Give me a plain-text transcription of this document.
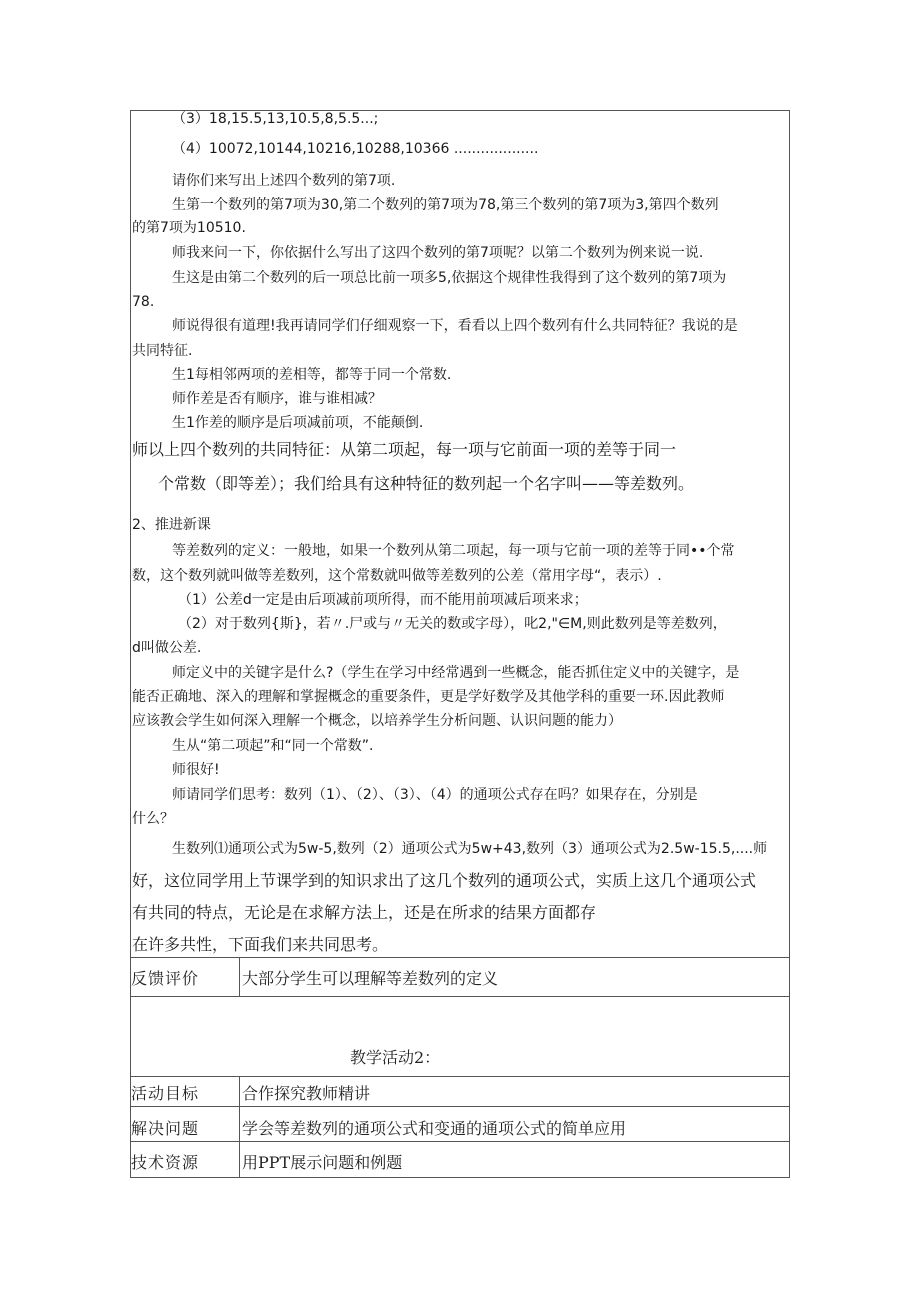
（3）18,15.5,13,10.5,8,5.5...;
（4）10072,10144,10216,10288,10366 ...................
请你们来写出上述四个数列的第7项.
生第一个数列的第7项为30,第二个数列的第7项为78,第三个数列的第7项为3,第四个数列
的第7项为10510.
师我来问一下，你依据什么写出了这四个数列的第7项呢？以第二个数列为例来说一说.
生这是由第二个数列的后一项总比前一项多5,依据这个规律性我得到了这个数列的第7项为
78.
师说得很有道理!我再请同学们仔细观察一下，看看以上四个数列有什么共同特征？我说的是
共同特征.
生1每相邻两项的差相等，都等于同一个常数.
师作差是否有顺序，谁与谁相减？
生1作差的顺序是后项减前项，不能颠倒.
师以上四个数列的共同特征：从第二项起，每一项与它前面一项的差等于同一
个常数（即等差）；我们给具有这种特征的数列起一个名字叫——等差数列。
2、推进新课
等差数列的定义：一般地，如果一个数列从第二项起，每一项与它前一项的差等于同••个常
数，这个数列就叫做等差数列，这个常数就叫做等差数列的公差（常用字母“，表示）.
（1）公差d一定是由后项减前项所得，而不能用前项减后项来求；
（2）对于数列{斯}，若〃.尸或与〃无关的数或字母），叱2,"∈M,则此数列是等差数列，
d叫做公差.
师定义中的关键字是什么?（学生在学习中经常遇到一些概念，能否抓住定义中的关键字，是
能否正确地、深入的理解和掌握概念的重要条件，更是学好数学及其他学科的重要一环.因此教师
应该教会学生如何深入理解一个概念，以培养学生分析问题、认识问题的能力）
生从“第二项起”和“同一个常数”.
师很好!
师请同学们思考：数列（1）、（2）、（3）、（4）的通项公式存在吗？如果存在，分别是
什么？
生数列⑴通项公式为5w-5,数列（2）通项公式为5w+43,数列（3）通项公式为2.5w-15.5,....师
好，这位同学用上节课学到的知识求出了这几个数列的通项公式，实质上这几个通项公式
有共同的特点，无论是在求解方法上，还是在所求的结果方面都存
在许多共性，下面我们来共同思考。
反馈评价	大部分学生可以理解等差数列的定义
教学活动2：
活动目标	合作探究教师精讲
解决问题	学会等差数列的通项公式和变通的通项公式的简单应用
技术资源	用PPT展示问题和例题
